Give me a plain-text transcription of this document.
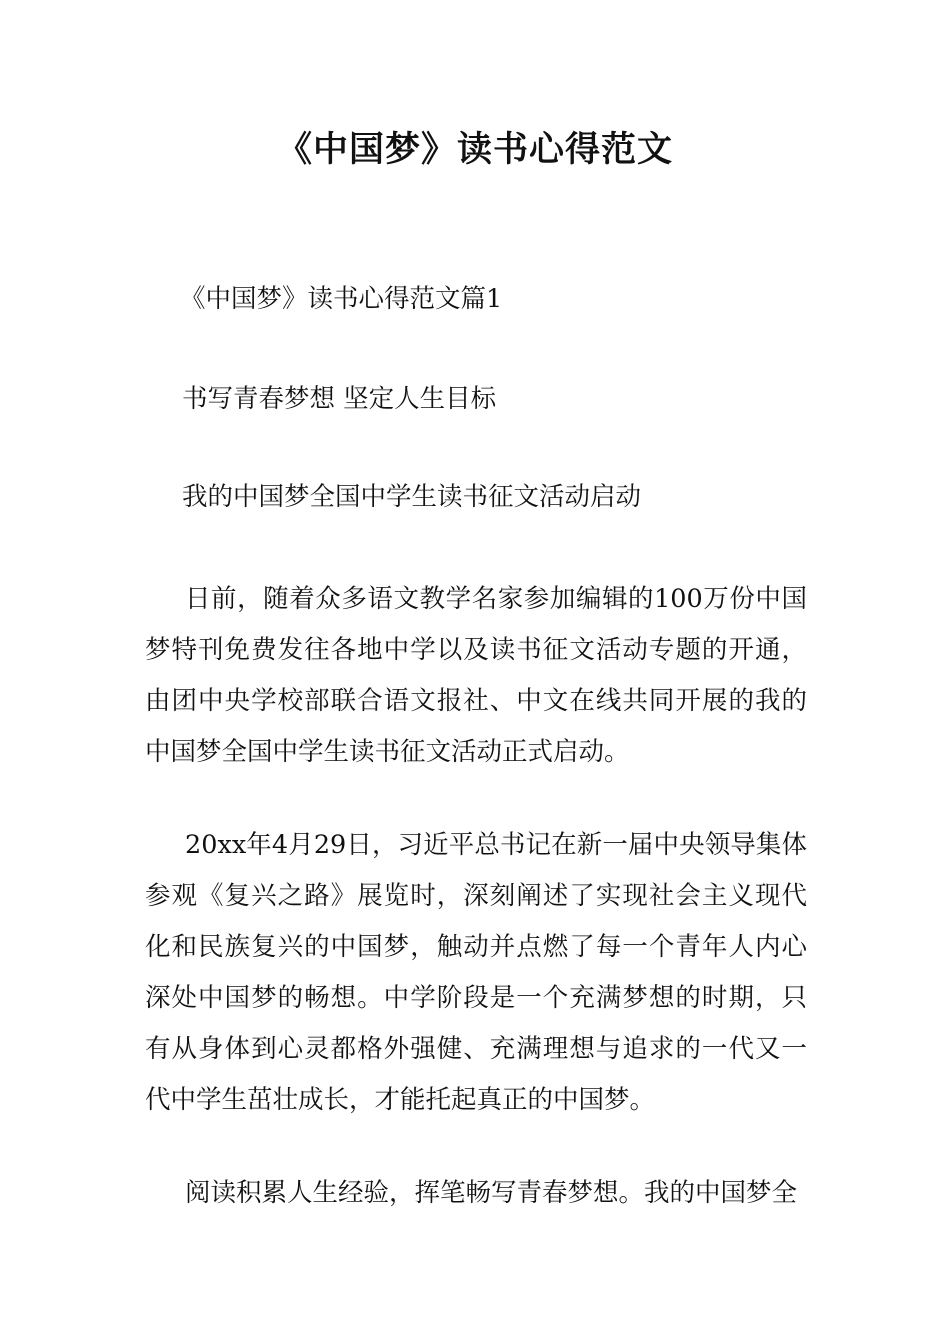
《中国梦》读书心得范文
《中国梦》读书心得范文篇1
书写青春梦想 坚定人生目标
我的中国梦全国中学生读书征文活动启动

日前，随着众多语文教学名家参加编辑的100万份中国梦特刊免费发往各地中学以及读书征文活动专题的开通，由团中央学校部联合语文报社、中文在线共同开展的我的中国梦全国中学生读书征文活动正式启动。

20xx年4月29日，习近平总书记在新一届中央领导集体参观《复兴之路》展览时，深刻阐述了实现社会主义现代化和民族复兴的中国梦，触动并点燃了每一个青年人内心深处中国梦的畅想。中学阶段是一个充满梦想的时期，只有从身体到心灵都格外强健、充满理想与追求的一代又一代中学生茁壮成长，才能托起真正的中国梦。

阅读积累人生经验，挥笔畅写青春梦想。我的中国梦全
